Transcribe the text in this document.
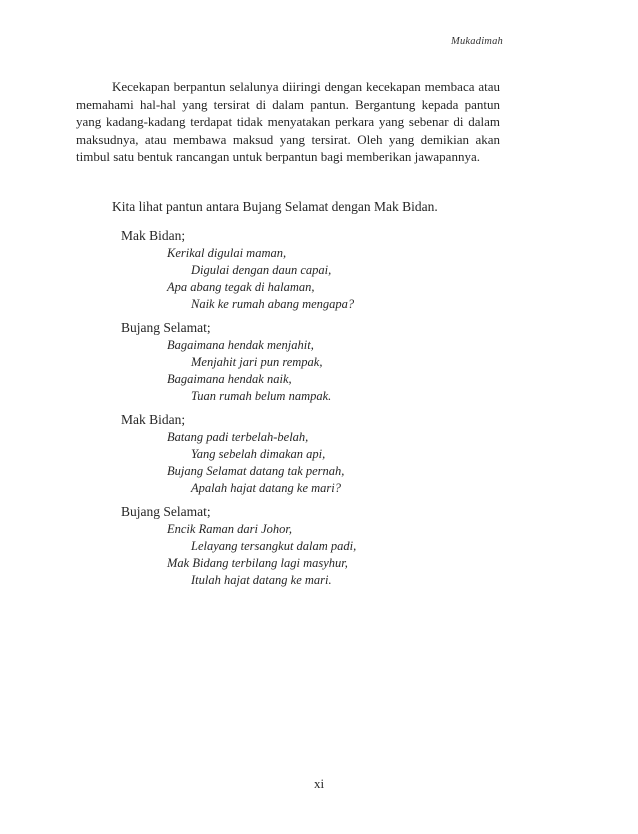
Mukadimah

Kecekapan berpantun selalunya diiringi dengan kecekapan membaca atau memahami hal-hal yang tersirat di dalam pantun. Bergantung kepada pantun yang kadang-kadang terdapat tidak menyatakan perkara yang sebenar di dalam maksudnya, atau membawa maksud yang tersirat. Oleh yang demikian akan timbul satu bentuk rancangan untuk berpantun bagi memberikan jawapannya.

Kita lihat pantun antara Bujang Selamat dengan Mak Bidan.
Mak Bidan;
Kerikal digulai maman,
Digulai dengan daun capai,
Apa abang tegak di halaman,
Naik ke rumah abang mengapa?
Bujang Selamat;
Bagaimana hendak menjahit,
Menjahit jari pun rempak,
Bagaimana hendak naik,
Tuan rumah belum nampak.
Mak Bidan;
Batang padi terbelah-belah,
Yang sebelah dimakan api,
Bujang Selamat datang tak pernah,
Apalah hajat datang ke mari?
Bujang Selamat;
Encik Raman dari Johor,
Lelayang tersangkut dalam padi,
Mak Bidang terbilang lagi masyhur,
Itulah hajat datang ke mari.
xi
